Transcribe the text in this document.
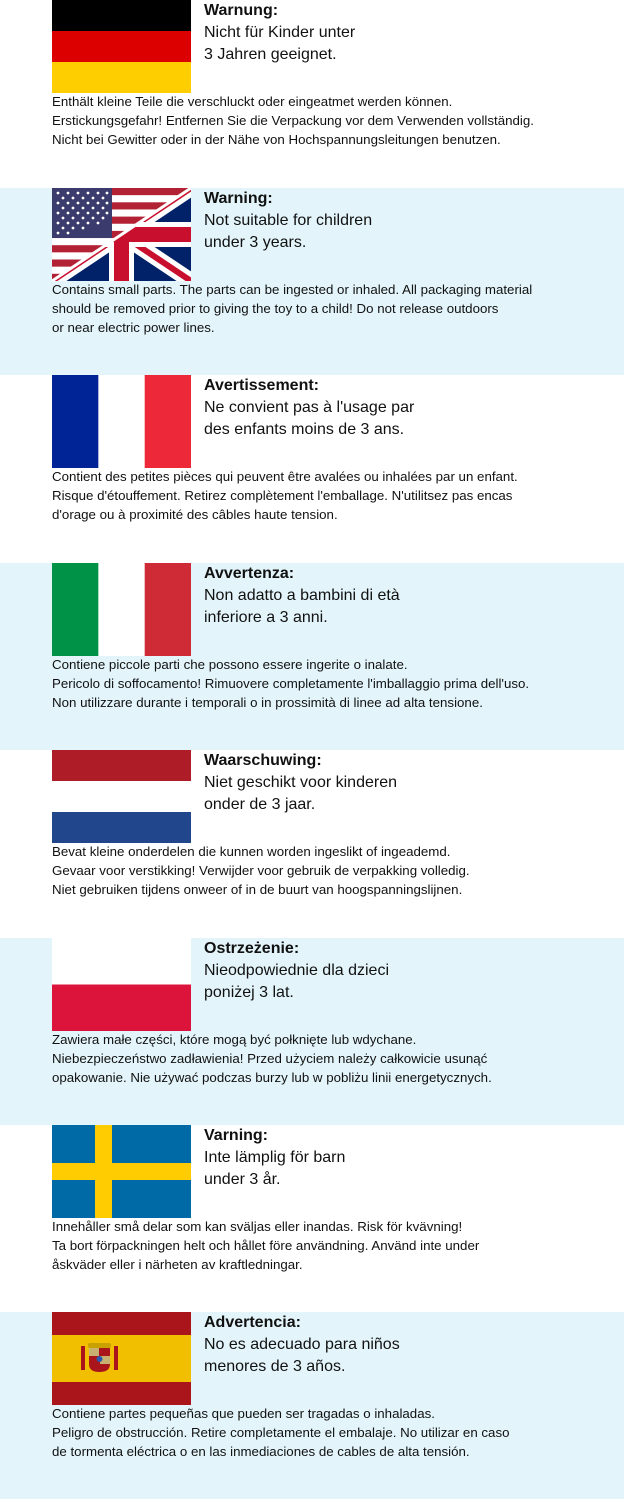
Warnung:
Nicht für Kinder unter
3 Jahren geeignet.
Enthält kleine Teile die verschluckt oder eingeatmet werden können.
Erstickungsgefahr! Entfernen Sie die Verpackung vor dem Verwenden vollständig.
Nicht bei Gewitter oder in der Nähe von Hochspannungsleitungen benutzen.
Warning:
Not suitable for children
under 3 years.
Contains small parts. The parts can be ingested or inhaled. All packaging material
should be removed prior to giving the toy to a child! Do not release outdoors
or near electric power lines.
Avertissement:
Ne convient pas à l'usage par
des enfants moins de 3 ans.
Contient des petites pièces qui peuvent être avalées ou inhalées par un enfant.
Risque d'étouffement. Retirez complètement l'emballage. N'utilitsez pas encas
d'orage ou à proximité des câbles haute tension.
Avvertenza:
Non adatto a bambini di età
inferiore a 3 anni.
Contiene piccole parti che possono essere ingerite o inalate.
Pericolo di soffocamento! Rimuovere completamente l'imballaggio prima dell'uso.
Non utilizzare durante i temporali o in prossimità di linee ad alta tensione.
Waarschuwing:
Niet geschikt voor kinderen
onder de 3 jaar.
Bevat kleine onderdelen die kunnen worden ingeslikt of ingeademd.
Gevaar voor verstikking! Verwijder voor gebruik de verpakking volledig.
Niet gebruiken tijdens onweer of in de buurt van hoogspanningslijnen.
Ostrzeżenie:
Nieodpowiednie dla dzieci
poniżej 3 lat.
Zawiera małe części, które mogą być połknięte lub wdychane.
Niebezpieczeństwo zadławienia! Przed użyciem należy całkowicie usunąć
opakowanie. Nie używać podczas burzy lub w pobliżu linii energetycznych.
Varning:
Inte lämplig för barn
under 3 år.
Innehåller små delar som kan sväljas eller inandas. Risk för kvävning!
Ta bort förpackningen helt och hållet före användning. Använd inte under
åskväder eller i närheten av kraftledningar.
Advertencia:
No es adecuado para niños
menores de 3 años.
Contiene partes pequeñas que pueden ser tragadas o inhaladas.
Peligro de obstrucción. Retire completamente el embalaje. No utilizar en caso
de tormenta eléctrica o en las inmediaciones de cables de alta tensión.
